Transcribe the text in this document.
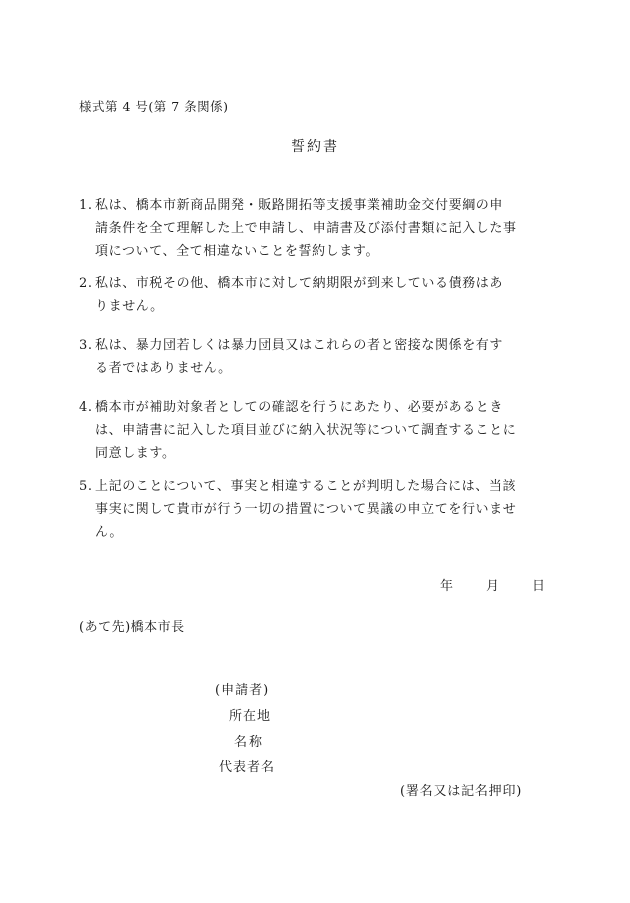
様式第 4 号(第 7 条関係)
誓約書
1. 私は、橋本市新商品開発・販路開拓等支援事業補助金交付要綱の申
請条件を全て理解した上で申請し、申請書及び添付書類に記入した事
項について、全て相違ないことを誓約します。
2. 私は、市税その他、橋本市に対して納期限が到来している債務はあ
りません。
3. 私は、暴力団若しくは暴力団員又はこれらの者と密接な関係を有す
る者ではありません。
4. 橋本市が補助対象者としての確認を行うにあたり、必要があるとき
は、申請書に記入した項目並びに納入状況等について調査することに
同意します。
5. 上記のことについて、事実と相違することが判明した場合には、当該
事実に関して貴市が行う一切の措置について異議の申立てを行いませ
ん。
年	月	日
(あて先)橋本市長
(申請者)
所在地
名称
代表者名
(署名又は記名押印)
